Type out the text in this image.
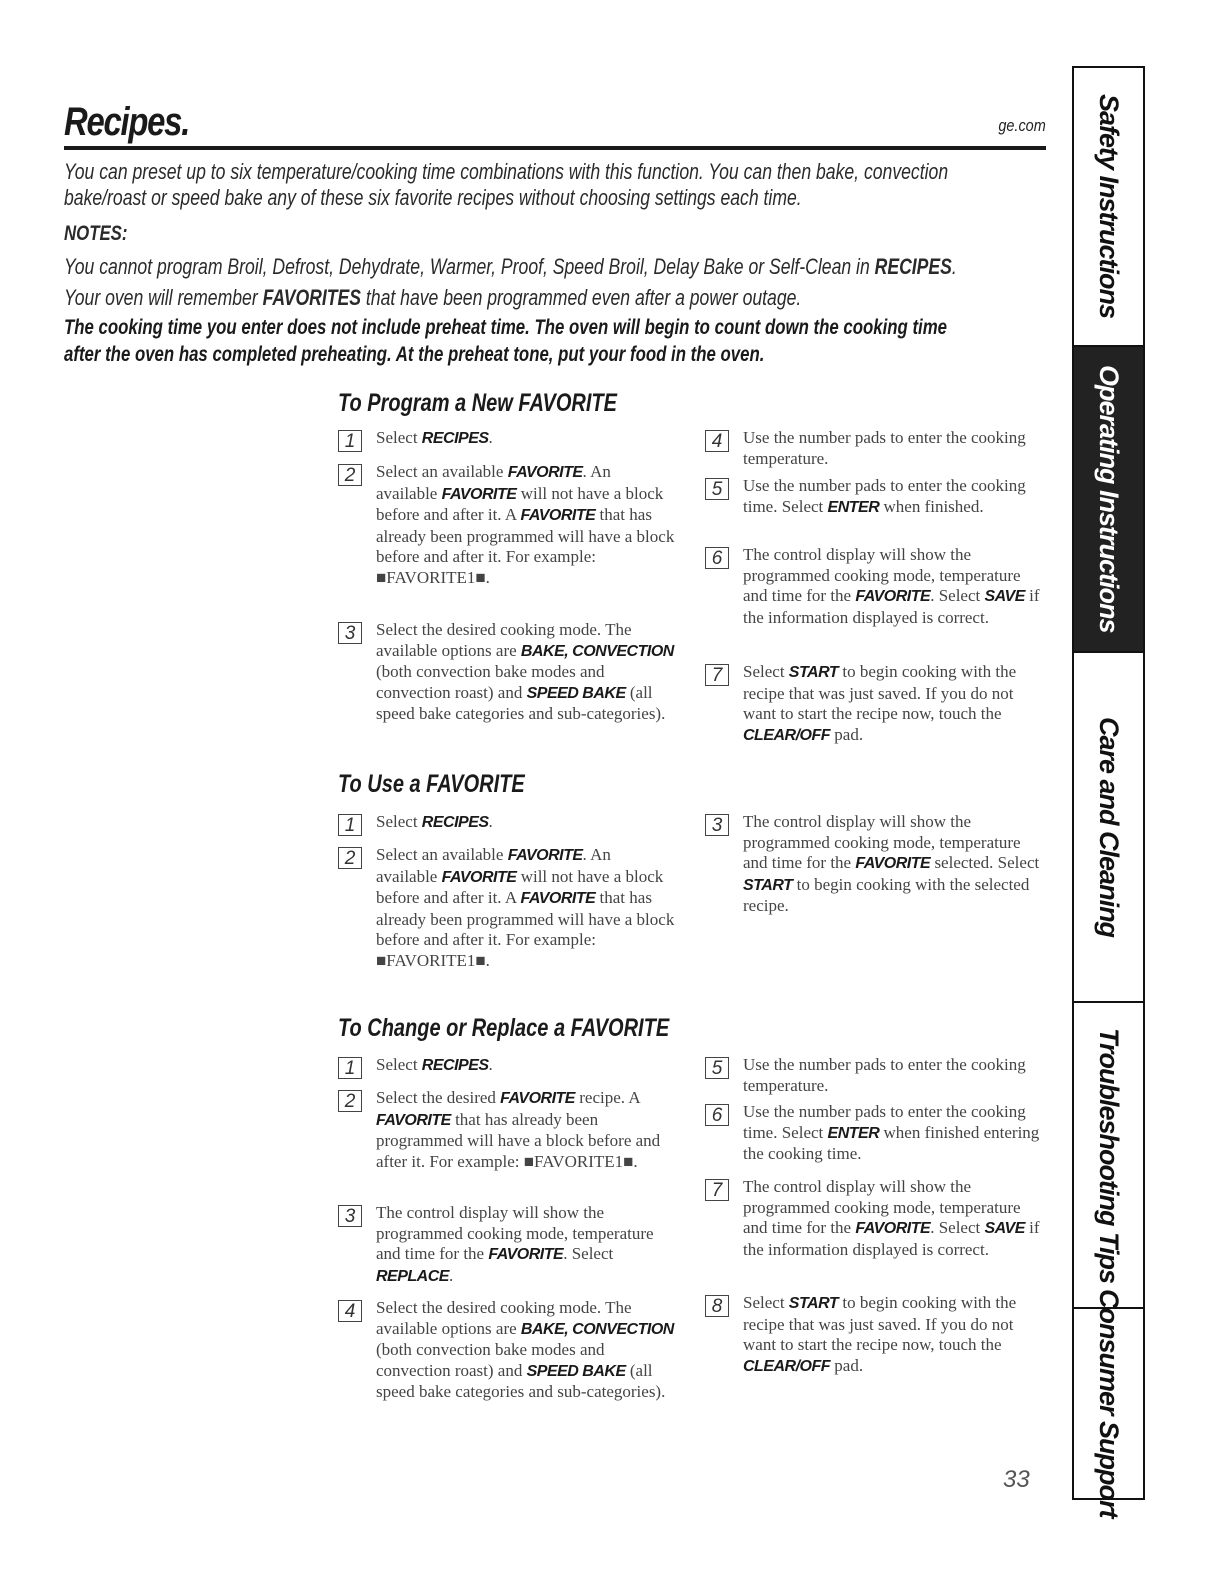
Recipes.	ge.com

You can preset up to six temperature/cooking time combinations with this function. You can then bake, convection

bake/roast or speed bake any of these six favorite recipes without choosing settings each time.

NOTES:
You cannot program Broil, Defrost, Dehydrate, Warmer, Proof, Speed Broil, Delay Bake or Self-Clean in RECIPES.
Your oven will remember FAVORITES that have been programmed even after a power outage.
The cooking time you enter does not include preheat time. The oven will begin to count down the cooking time
after the oven has completed preheating. At the preheat tone, put your food in the oven.
To Program a New FAVORITE
1	Select RECIPES.
2	Select an available FAVORITE. An available FAVORITE will not have a block before and after it. A FAVORITE that has already been programmed will have a block before and after it. For example: ■FAVORITE1■.
3	Select the desired cooking mode. The available options are BAKE, CONVECTION (both convection bake modes and convection roast) and SPEED BAKE (all speed bake categories and sub-categories).
4	Use the number pads to enter the cooking temperature.
5	Use the number pads to enter the cooking time. Select ENTER when finished.
6	The control display will show the programmed cooking mode, temperature and time for the FAVORITE. Select SAVE if the information displayed is correct.
7	Select START to begin cooking with the recipe that was just saved. If you do not want to start the recipe now, touch the CLEAR/OFF pad.
To Use a FAVORITE
1	Select RECIPES.
2	Select an available FAVORITE. An available FAVORITE will not have a block before and after it. A FAVORITE that has already been programmed will have a block before and after it. For example: ■FAVORITE1■.
3	The control display will show the programmed cooking mode, temperature and time for the FAVORITE selected. Select START to begin cooking with the selected recipe.
To Change or Replace a FAVORITE
1	Select RECIPES.
2	Select the desired FAVORITE recipe. A FAVORITE that has already been programmed will have a block before and after it. For example: ■FAVORITE1■.
3	The control display will show the programmed cooking mode, temperature and time for the FAVORITE. Select REPLACE.
4	Select the desired cooking mode. The available options are BAKE, CONVECTION (both convection bake modes and convection roast) and SPEED BAKE (all speed bake categories and sub-categories).
5	Use the number pads to enter the cooking temperature.
6	Use the number pads to enter the cooking time. Select ENTER when finished entering the cooking time.
7	The control display will show the programmed cooking mode, temperature and time for the FAVORITE. Select SAVE if the information displayed is correct.
8	Select START to begin cooking with the recipe that was just saved. If you do not want to start the recipe now, touch the CLEAR/OFF pad.
Safety Instructions
Operating Instructions
Care and Cleaning
Troubleshooting Tips
Consumer Support
33
